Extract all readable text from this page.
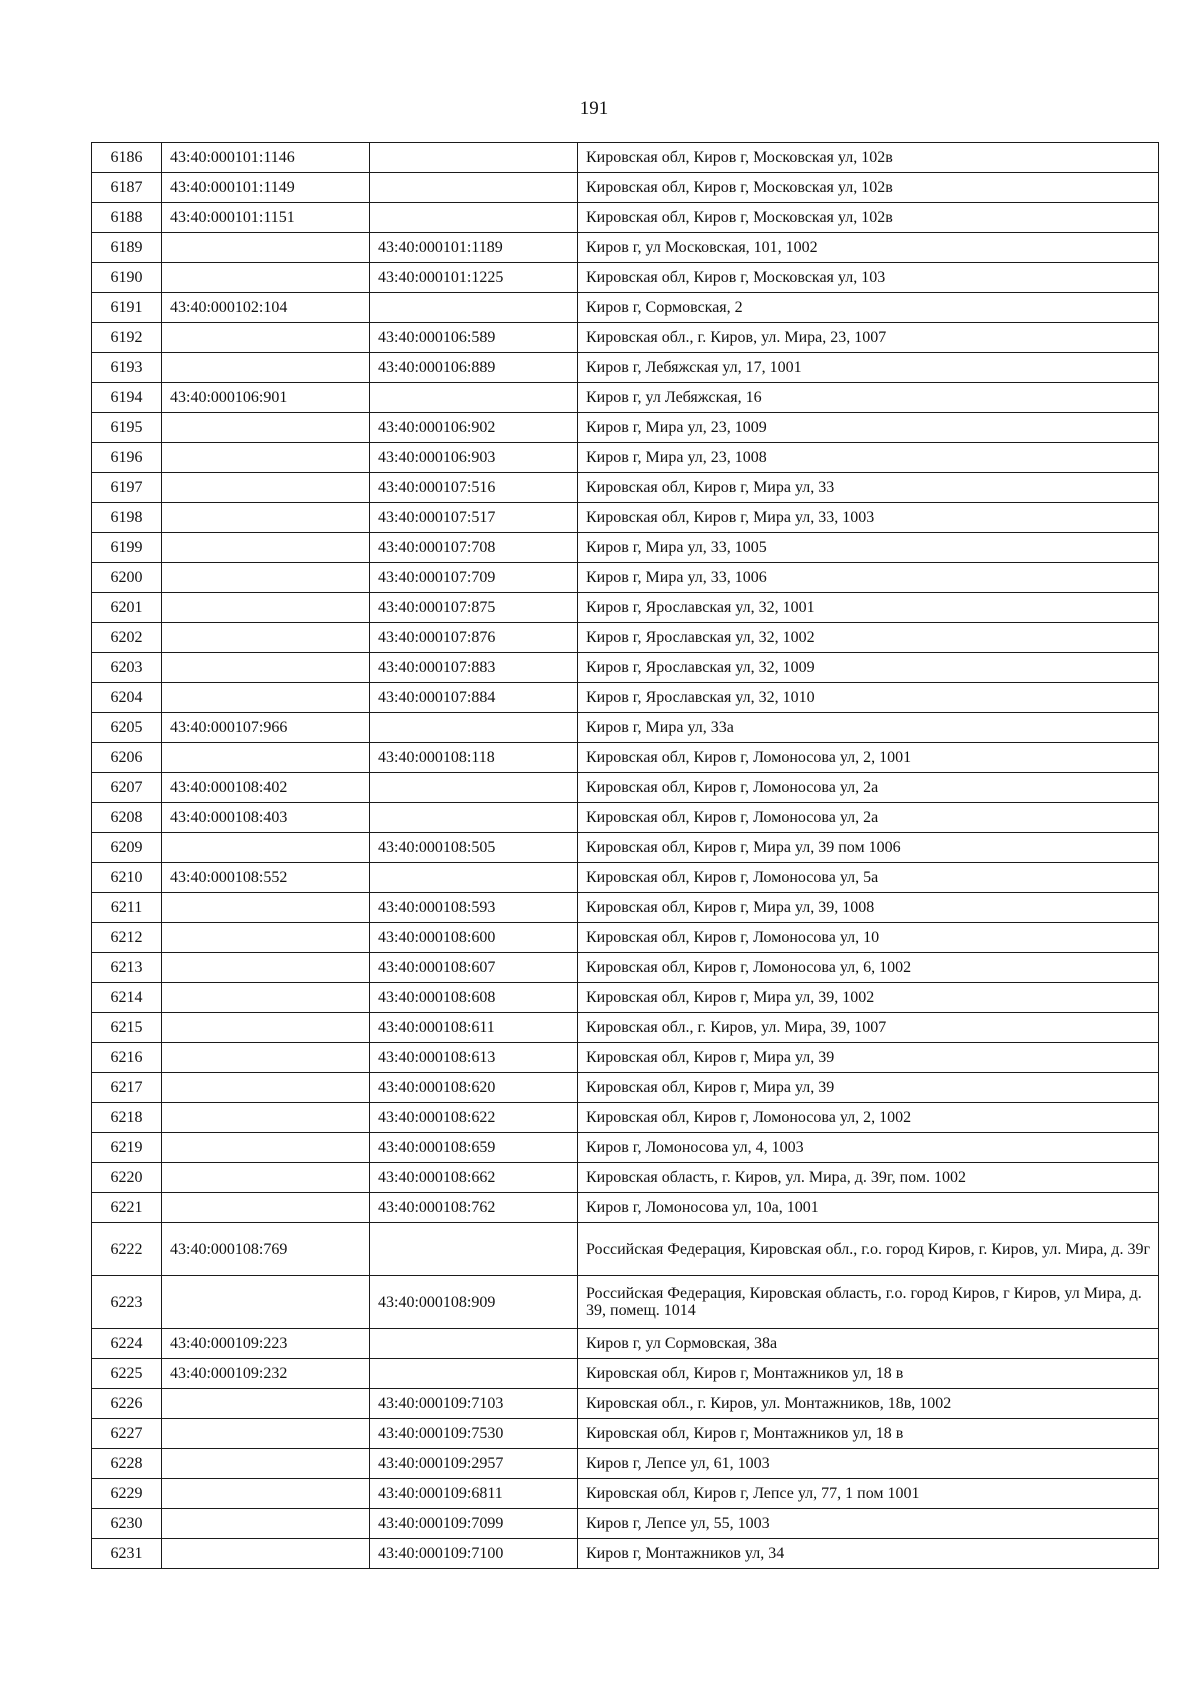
191
6186	43:40:000101:1146		Кировская обл, Киров г, Московская ул, 102в
6187	43:40:000101:1149		Кировская обл, Киров г, Московская ул, 102в
6188	43:40:000101:1151		Кировская обл, Киров г, Московская ул, 102в
6189		43:40:000101:1189	Киров г, ул Московская, 101, 1002
6190		43:40:000101:1225	Кировская обл, Киров г, Московская ул, 103
6191	43:40:000102:104		Киров г, Сормовская, 2
6192		43:40:000106:589	Кировская обл., г. Киров, ул. Мира, 23, 1007
6193		43:40:000106:889	Киров г, Лебяжская ул, 17, 1001
6194	43:40:000106:901		Киров г, ул Лебяжская, 16
6195		43:40:000106:902	Киров г, Мира ул, 23, 1009
6196		43:40:000106:903	Киров г, Мира ул, 23, 1008
6197		43:40:000107:516	Кировская обл, Киров г, Мира ул, 33
6198		43:40:000107:517	Кировская обл, Киров г, Мира ул, 33, 1003
6199		43:40:000107:708	Киров г, Мира ул, 33, 1005
6200		43:40:000107:709	Киров г, Мира ул, 33, 1006
6201		43:40:000107:875	Киров г, Ярославская ул, 32, 1001
6202		43:40:000107:876	Киров г, Ярославская ул, 32, 1002
6203		43:40:000107:883	Киров г, Ярославская ул, 32, 1009
6204		43:40:000107:884	Киров г, Ярославская ул, 32, 1010
6205	43:40:000107:966		Киров г, Мира ул, 33а
6206		43:40:000108:118	Кировская обл, Киров г, Ломоносова ул, 2, 1001
6207	43:40:000108:402		Кировская обл, Киров г, Ломоносова ул, 2а
6208	43:40:000108:403		Кировская обл, Киров г, Ломоносова ул, 2а
6209		43:40:000108:505	Кировская обл, Киров г, Мира ул, 39 пом 1006
6210	43:40:000108:552		Кировская обл, Киров г, Ломоносова ул, 5а
6211		43:40:000108:593	Кировская обл, Киров г, Мира ул, 39, 1008
6212		43:40:000108:600	Кировская обл, Киров г, Ломоносова ул, 10
6213		43:40:000108:607	Кировская обл, Киров г, Ломоносова ул, 6, 1002
6214		43:40:000108:608	Кировская обл, Киров г, Мира ул, 39, 1002
6215		43:40:000108:611	Кировская обл., г. Киров, ул. Мира, 39, 1007
6216		43:40:000108:613	Кировская обл, Киров г, Мира ул, 39
6217		43:40:000108:620	Кировская обл, Киров г, Мира ул, 39
6218		43:40:000108:622	Кировская обл, Киров г, Ломоносова ул, 2, 1002
6219		43:40:000108:659	Киров г, Ломоносова ул, 4, 1003
6220		43:40:000108:662	Кировская область, г. Киров, ул. Мира, д. 39г, пом. 1002
6221		43:40:000108:762	Киров г, Ломоносова ул, 10а, 1001
6222	43:40:000108:769		Российская Федерация, Кировская обл., г.о. город Киров, г. Киров, ул. Мира, д. 39г
6223		43:40:000108:909	Российская Федерация, Кировская область, г.о. город Киров, г Киров, ул Мира, д. 39, помещ. 1014
6224	43:40:000109:223		Киров г, ул Сормовская, 38а
6225	43:40:000109:232		Кировская обл, Киров г, Монтажников ул, 18 в
6226		43:40:000109:7103	Кировская обл., г. Киров, ул. Монтажников, 18в, 1002
6227		43:40:000109:7530	Кировская обл, Киров г, Монтажников ул, 18 в
6228		43:40:000109:2957	Киров г, Лепсе ул, 61, 1003
6229		43:40:000109:6811	Кировская обл, Киров г, Лепсе ул, 77, 1 пом 1001
6230		43:40:000109:7099	Киров г, Лепсе ул, 55, 1003
6231		43:40:000109:7100	Киров г, Монтажников ул, 34
